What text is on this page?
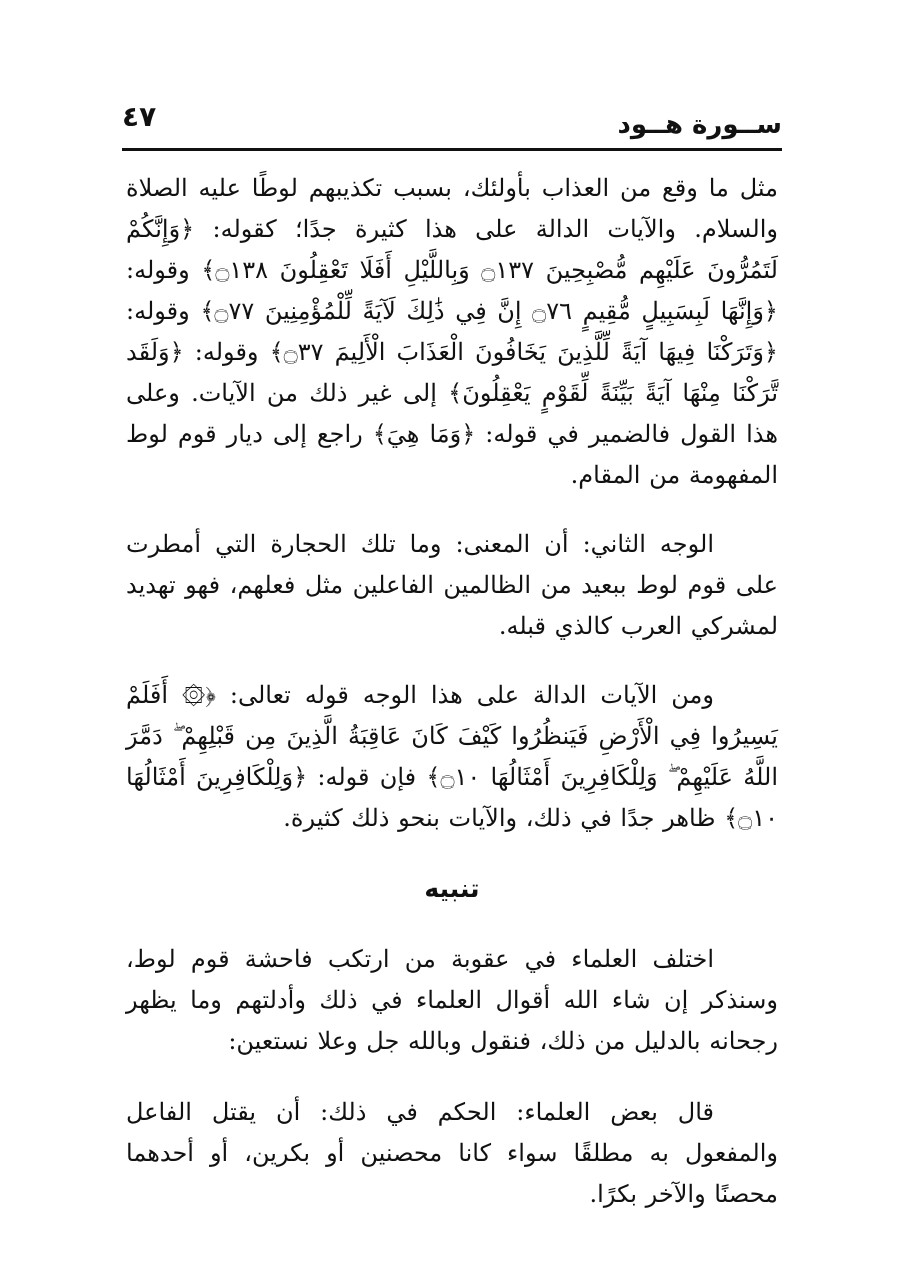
ســورة هــود
٤٧

مثل ما وقع من العذاب بأولئك، بسبب تكذيبهم لوطًا عليه الصلاة والسلام. والآيات الدالة على هذا كثيرة جدًا؛ كقوله: ﴿وَإِنَّكُمْ لَتَمُرُّونَ عَلَيْهِم مُّصْبِحِينَ ۝١٣٧ وَبِاللَّيْلِ أَفَلَا تَعْقِلُونَ ۝١٣٨﴾ وقوله: ﴿وَإِنَّهَا لَبِسَبِيلٍ مُّقِيمٍ ۝٧٦ إِنَّ فِي ذَٰلِكَ لَآيَةً لِّلْمُؤْمِنِينَ ۝٧٧﴾ وقوله: ﴿وَتَرَكْنَا فِيهَا آيَةً لِّلَّذِينَ يَخَافُونَ الْعَذَابَ الْأَلِيمَ ۝٣٧﴾ وقوله: ﴿وَلَقَد تَّرَكْنَا مِنْهَا آيَةً بَيِّنَةً لِّقَوْمٍ يَعْقِلُونَ﴾ إلى غير ذلك من الآيات. وعلى هذا القول فالضمير في قوله: ﴿وَمَا هِيَ﴾ راجع إلى ديار قوم لوط المفهومة من المقام.

الوجه الثاني: أن المعنى: وما تلك الحجارة التي أمطرت على قوم لوط ببعيد من الظالمين الفاعلين مثل فعلهم، فهو تهديد لمشركي العرب كالذي قبله.

ومن الآيات الدالة على هذا الوجه قوله تعالى: ﴿۞ أَفَلَمْ يَسِيرُوا فِي الْأَرْضِ فَيَنظُرُوا كَيْفَ كَانَ عَاقِبَةُ الَّذِينَ مِن قَبْلِهِمْ ۖ دَمَّرَ اللَّهُ عَلَيْهِمْ ۖ وَلِلْكَافِرِينَ أَمْثَالُهَا ۝١٠﴾ فإن قوله: ﴿وَلِلْكَافِرِينَ أَمْثَالُهَا ۝١٠﴾ ظاهر جدًا في ذلك، والآيات بنحو ذلك كثيرة.

تنبيه

اختلف العلماء في عقوبة من ارتكب فاحشة قوم لوط، وسنذكر إن شاء الله أقوال العلماء في ذلك وأدلتهم وما يظهر رجحانه بالدليل من ذلك، فنقول وبالله جل وعلا نستعين:

قال بعض العلماء: الحكم في ذلك: أن يقتل الفاعل والمفعول به مطلقًا سواء كانا محصنين أو بكرين، أو أحدهما محصنًا والآخر بكرًا.
